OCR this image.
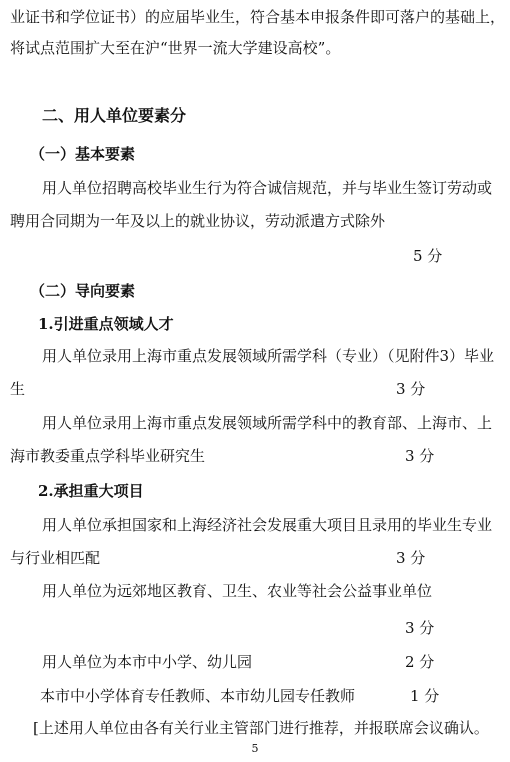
业证书和学位证书）的应届毕业生，符合基本申报条件即可落户的基础上，
将试点范围扩大至在沪“世界一流大学建设高校”。
二、用人单位要素分
（一）基本要素
用人单位招聘高校毕业生行为符合诚信规范，并与毕业生签订劳动或
聘用合同期为一年及以上的就业协议，劳动派遣方式除外
5 分
（二）导向要素
1.引进重点领域人才
用人单位录用上海市重点发展领域所需学科（专业）（见附件3）毕业
生	3 分
用人单位录用上海市重点发展领域所需学科中的教育部、上海市、上
海市教委重点学科毕业研究生	3 分
2.承担重大项目
用人单位承担国家和上海经济社会发展重大项目且录用的毕业生专业
与行业相匹配	3 分
用人单位为远郊地区教育、卫生、农业等社会公益事业单位
3 分
用人单位为本市中小学、幼儿园	2 分
本市中小学体育专任教师、本市幼儿园专任教师	1 分
[上述用人单位由各有关行业主管部门进行推荐，并报联席会议确认。
5
